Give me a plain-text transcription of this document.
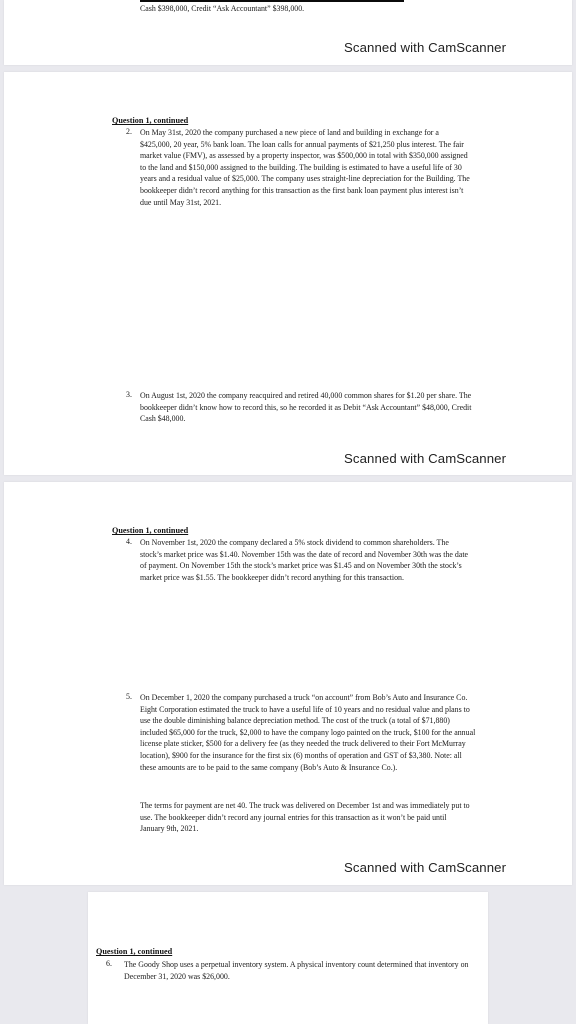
Cash $398,000, Credit “Ask Accountant” $398,000.
Scanned with CamScanner
Question 1, continued
2. On May 31st, 2020 the company purchased a new piece of land and building in exchange for a $425,000, 20 year, 5% bank loan. The loan calls for annual payments of $21,250 plus interest. The fair market value (FMV), as assessed by a property inspector, was $500,000 in total with $350,000 assigned to the land and $150,000 assigned to the building. The building is estimated to have a useful life of 30 years and a residual value of $25,000. The company uses straight-line depreciation for the Building. The bookkeeper didn’t record anything for this transaction as the first bank loan payment plus interest isn’t due until May 31st, 2021.
3. On August 1st, 2020 the company reacquired and retired 40,000 common shares for $1.20 per share. The bookkeeper didn’t know how to record this, so he recorded it as Debit “Ask Accountant” $48,000, Credit Cash $48,000.
Scanned with CamScanner
Question 1, continued
4. On November 1st, 2020 the company declared a 5% stock dividend to common shareholders. The stock’s market price was $1.40. November 15th was the date of record and November 30th was the date of payment. On November 15th the stock’s market price was $1.45 and on November 30th the stock’s market price was $1.55. The bookkeeper didn’t record anything for this transaction.
5. On December 1, 2020 the company purchased a truck “on account” from Bob’s Auto and Insurance Co. Eight Corporation estimated the truck to have a useful life of 10 years and no residual value and plans to use the double diminishing balance depreciation method. The cost of the truck (a total of $71,880) included $65,000 for the truck, $2,000 to have the company logo painted on the truck, $100 for the annual license plate sticker, $500 for a delivery fee (as they needed the truck delivered to their Fort McMurray location), $900 for the insurance for the first six (6) months of operation and GST of $3,380. Note: all these amounts are to be paid to the same company (Bob’s Auto & Insurance Co.).
The terms for payment are net 40. The truck was delivered on December 1st and was immediately put to use. The bookkeeper didn’t record any journal entries for this transaction as it won’t be paid until January 9th, 2021.
Scanned with CamScanner
Question 1, continued
6. The Goody Shop uses a perpetual inventory system. A physical inventory count determined that inventory on December 31, 2020 was $26,000.
